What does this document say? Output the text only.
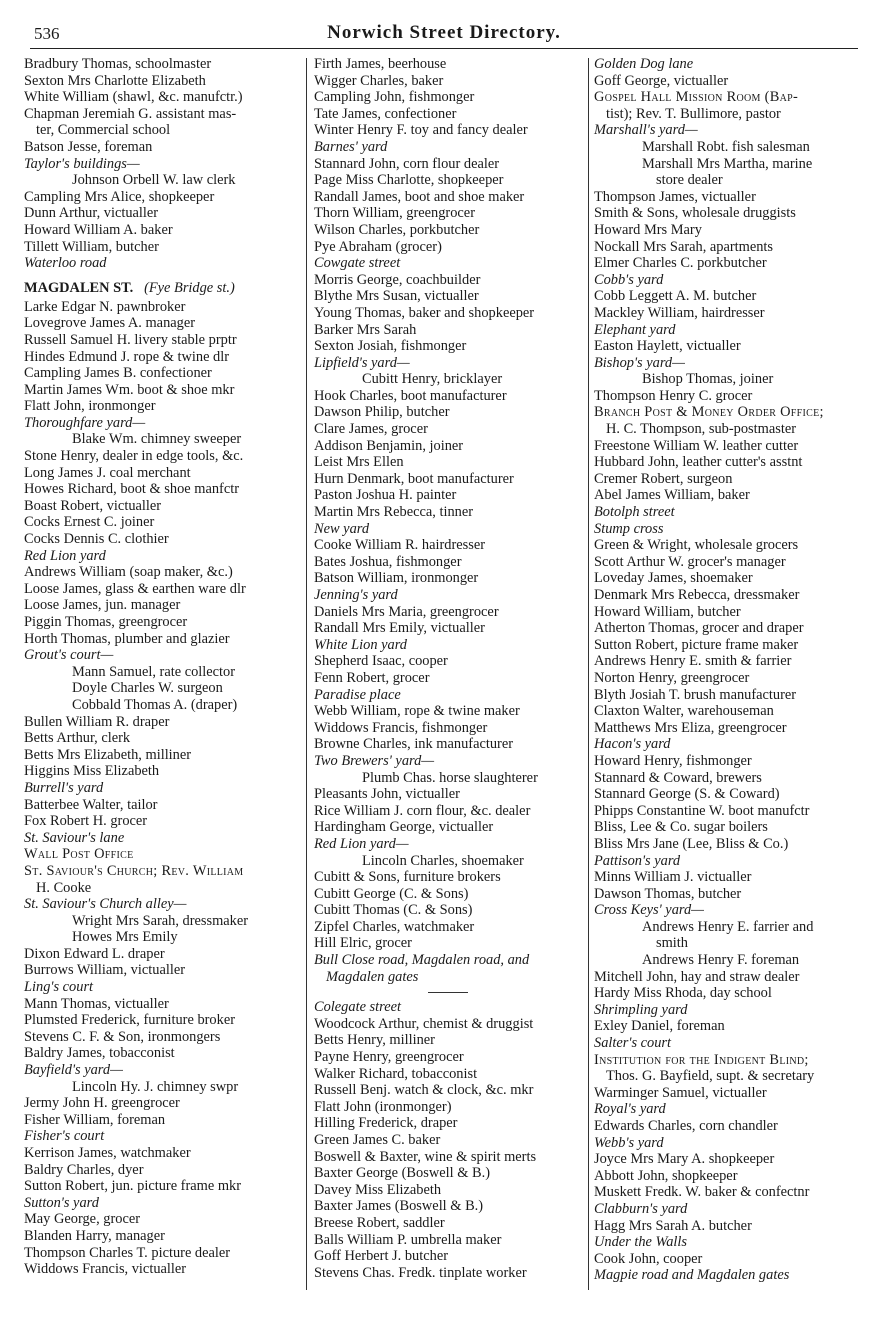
536	Norwich Street Directory.
Bradbury Thomas, schoolmaster
Sexton Mrs Charlotte Elizabeth
White William (shawl, &c. manufctr.)
Chapman Jeremiah G. assistant mas-
ter, Commercial school
Batson Jesse, foreman
Taylor's buildings—
Johnson Orbell W. law clerk
Campling Mrs Alice, shopkeeper
Dunn Arthur, victualler
Howard William A. baker
Tillett William, butcher
Waterloo road
MAGDALEN ST. (Fye Bridge st.)
Larke Edgar N. pawnbroker
Lovegrove James A. manager
Russell Samuel H. livery stable prptr
Hindes Edmund J. rope & twine dlr
Campling James B. confectioner
Martin James Wm. boot & shoe mkr
Flatt John, ironmonger
Thoroughfare yard—
Blake Wm. chimney sweeper
Stone Henry, dealer in edge tools, &c.
Long James J. coal merchant
Howes Richard, boot & shoe manfctr
Boast Robert, victualler
Cocks Ernest C. joiner
Cocks Dennis C. clothier
Red Lion yard
Andrews William (soap maker, &c.)
Loose James, glass & earthen ware dlr
Loose James, jun. manager
Piggin Thomas, greengrocer
Horth Thomas, plumber and glazier
Grout's court—
Mann Samuel, rate collector
Doyle Charles W. surgeon
Cobbald Thomas A. (draper)
Bullen William R. draper
Betts Arthur, clerk
Betts Mrs Elizabeth, milliner
Higgins Miss Elizabeth
Burrell's yard
Batterbee Walter, tailor
Fox Robert H. grocer
St. Saviour's lane
Wall Post Office
St. Saviour's Church; Rev. William
H. Cooke
St. Saviour's Church alley—
Wright Mrs Sarah, dressmaker
Howes Mrs Emily
Dixon Edward L. draper
Burrows William, victualler
Ling's court
Mann Thomas, victualler
Plumsted Frederick, furniture broker
Stevens C. F. & Son, ironmongers
Baldry James, tobacconist
Bayfield's yard—
Lincoln Hy. J. chimney swpr
Jermy John H. greengrocer
Fisher William, foreman
Fisher's court
Kerrison James, watchmaker
Baldry Charles, dyer
Sutton Robert, jun. picture frame mkr
Sutton's yard
May George, grocer
Blanden Harry, manager
Thompson Charles T. picture dealer
Widdows Francis, victualler
Firth James, beerhouse
Wigger Charles, baker
Campling John, fishmonger
Tate James, confectioner
Winter Henry F. toy and fancy dealer
Barnes' yard
Stannard John, corn flour dealer
Page Miss Charlotte, shopkeeper
Randall James, boot and shoe maker
Thorn William, greengrocer
Wilson Charles, porkbutcher
Pye Abraham (grocer)
Cowgate street
Morris George, coachbuilder
Blythe Mrs Susan, victualler
Young Thomas, baker and shopkeeper
Barker Mrs Sarah
Sexton Josiah, fishmonger
Lipfield's yard—
Cubitt Henry, bricklayer
Hook Charles, boot manufacturer
Dawson Philip, butcher
Clare James, grocer
Addison Benjamin, joiner
Leist Mrs Ellen
Hurn Denmark, boot manufacturer
Paston Joshua H. painter
Martin Mrs Rebecca, tinner
New yard
Cooke William R. hairdresser
Bates Joshua, fishmonger
Batson William, ironmonger
Jenning's yard
Daniels Mrs Maria, greengrocer
Randall Mrs Emily, victualler
White Lion yard
Shepherd Isaac, cooper
Fenn Robert, grocer
Paradise place
Webb William, rope & twine maker
Widdows Francis, fishmonger
Browne Charles, ink manufacturer
Two Brewers' yard—
Plumb Chas. horse slaughterer
Pleasants John, victualler
Rice William J. corn flour, &c. dealer
Hardingham George, victualler
Red Lion yard—
Lincoln Charles, shoemaker
Cubitt & Sons, furniture brokers
Cubitt George (C. & Sons)
Cubitt Thomas (C. & Sons)
Zipfel Charles, watchmaker
Hill Elric, grocer
Bull Close road, Magdalen road, and
Magdalen gates
Colegate street
Woodcock Arthur, chemist & druggist
Betts Henry, milliner
Payne Henry, greengrocer
Walker Richard, tobacconist
Russell Benj. watch & clock, &c. mkr
Flatt John (ironmonger)
Hilling Frederick, draper
Green James C. baker
Boswell & Baxter, wine & spirit merts
Baxter George (Boswell & B.)
Davey Miss Elizabeth
Baxter James (Boswell & B.)
Breese Robert, saddler
Balls William P. umbrella maker
Goff Herbert J. butcher
Stevens Chas. Fredk. tinplate worker
Golden Dog lane
Goff George, victualler
Gospel Hall Mission Room (Bap-
tist); Rev. T. Bullimore, pastor
Marshall's yard—
Marshall Robt. fish salesman
Marshall Mrs Martha, marine
store dealer
Thompson James, victualler
Smith & Sons, wholesale druggists
Howard Mrs Mary
Nockall Mrs Sarah, apartments
Elmer Charles C. porkbutcher
Cobb's yard
Cobb Leggett A. M. butcher
Mackley William, hairdresser
Elephant yard
Easton Haylett, victualler
Bishop's yard—
Bishop Thomas, joiner
Thompson Henry C. grocer
Branch Post & Money Order Office;
H. C. Thompson, sub-postmaster
Freestone William W. leather cutter
Hubbard John, leather cutter's asstnt
Cremer Robert, surgeon
Abel James William, baker
Botolph street
Stump cross
Green & Wright, wholesale grocers
Scott Arthur W. grocer's manager
Loveday James, shoemaker
Denmark Mrs Rebecca, dressmaker
Howard William, butcher
Atherton Thomas, grocer and draper
Sutton Robert, picture frame maker
Andrews Henry E. smith & farrier
Norton Henry, greengrocer
Blyth Josiah T. brush manufacturer
Claxton Walter, warehouseman
Matthews Mrs Eliza, greengrocer
Hacon's yard
Howard Henry, fishmonger
Stannard & Coward, brewers
Stannard George (S. & Coward)
Phipps Constantine W. boot manufctr
Bliss, Lee & Co. sugar boilers
Bliss Mrs Jane (Lee, Bliss & Co.)
Pattison's yard
Minns William J. victualler
Dawson Thomas, butcher
Cross Keys' yard—
Andrews Henry E. farrier and
smith
Andrews Henry F. foreman
Mitchell John, hay and straw dealer
Hardy Miss Rhoda, day school
Shrimpling yard
Exley Daniel, foreman
Salter's court
Institution for the Indigent Blind;
Thos. G. Bayfield, supt. & secretary
Warminger Samuel, victualler
Royal's yard
Edwards Charles, corn chandler
Webb's yard
Joyce Mrs Mary A. shopkeeper
Abbott John, shopkeeper
Muskett Fredk. W. baker & confectnr
Clabburn's yard
Hagg Mrs Sarah A. butcher
Under the Walls
Cook John, cooper
Magpie road and Magdalen gates
